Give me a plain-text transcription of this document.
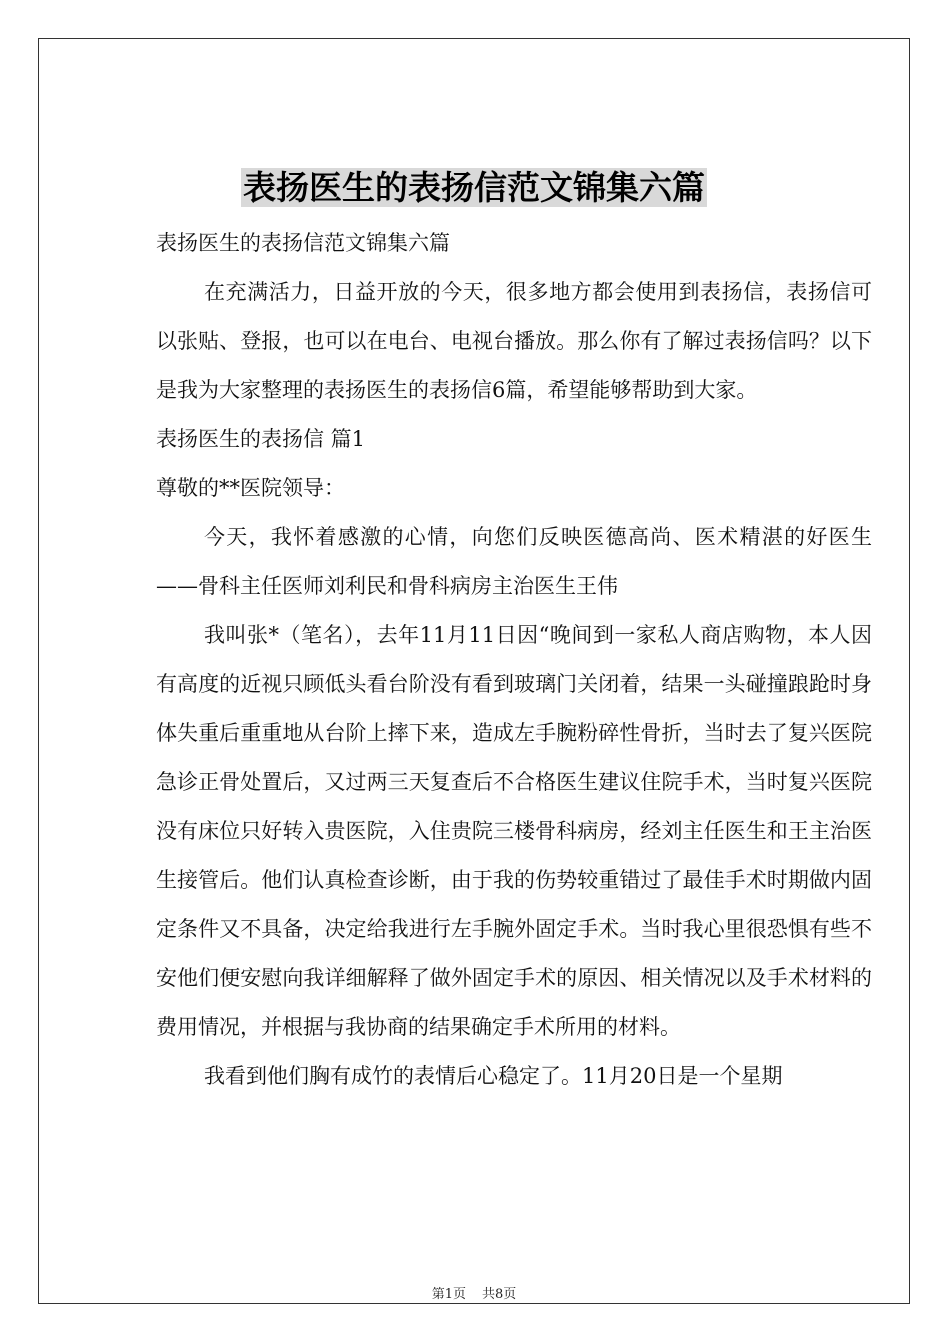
表扬医生的表扬信范文锦集六篇

表扬医生的表扬信范文锦集六篇

在充满活力，日益开放的今天，很多地方都会使用到表扬信，表扬信可以张贴、登报，也可以在电台、电视台播放。那么你有了解过表扬信吗？以下是我为大家整理的表扬医生的表扬信6篇，希望能够帮助到大家。

表扬医生的表扬信 篇1

尊敬的**医院领导：

今天，我怀着感激的心情，向您们反映医德高尚、医术精湛的好医生——骨科主任医师刘利民和骨科病房主治医生王伟

我叫张*（笔名），去年11月11日因“晚间到一家私人商店购物，本人因有高度的近视只顾低头看台阶没有看到玻璃门关闭着，结果一头碰撞踉跄时身体失重后重重地从台阶上摔下来，造成左手腕粉碎性骨折，当时去了复兴医院急诊正骨处置后，又过两三天复查后不合格医生建议住院手术，当时复兴医院没有床位只好转入贵医院，入住贵院三楼骨科病房，经刘主任医生和王主治医生接管后。他们认真检查诊断，由于我的伤势较重错过了最佳手术时期做内固定条件又不具备，决定给我进行左手腕外固定手术。当时我心里很恐惧有些不安他们便安慰向我详细解释了做外固定手术的原因、相关情况以及手术材料的费用情况，并根据与我协商的结果确定手术所用的材料。

我看到他们胸有成竹的表情后心稳定了。11月20日是一个星期

第1页 共8页
